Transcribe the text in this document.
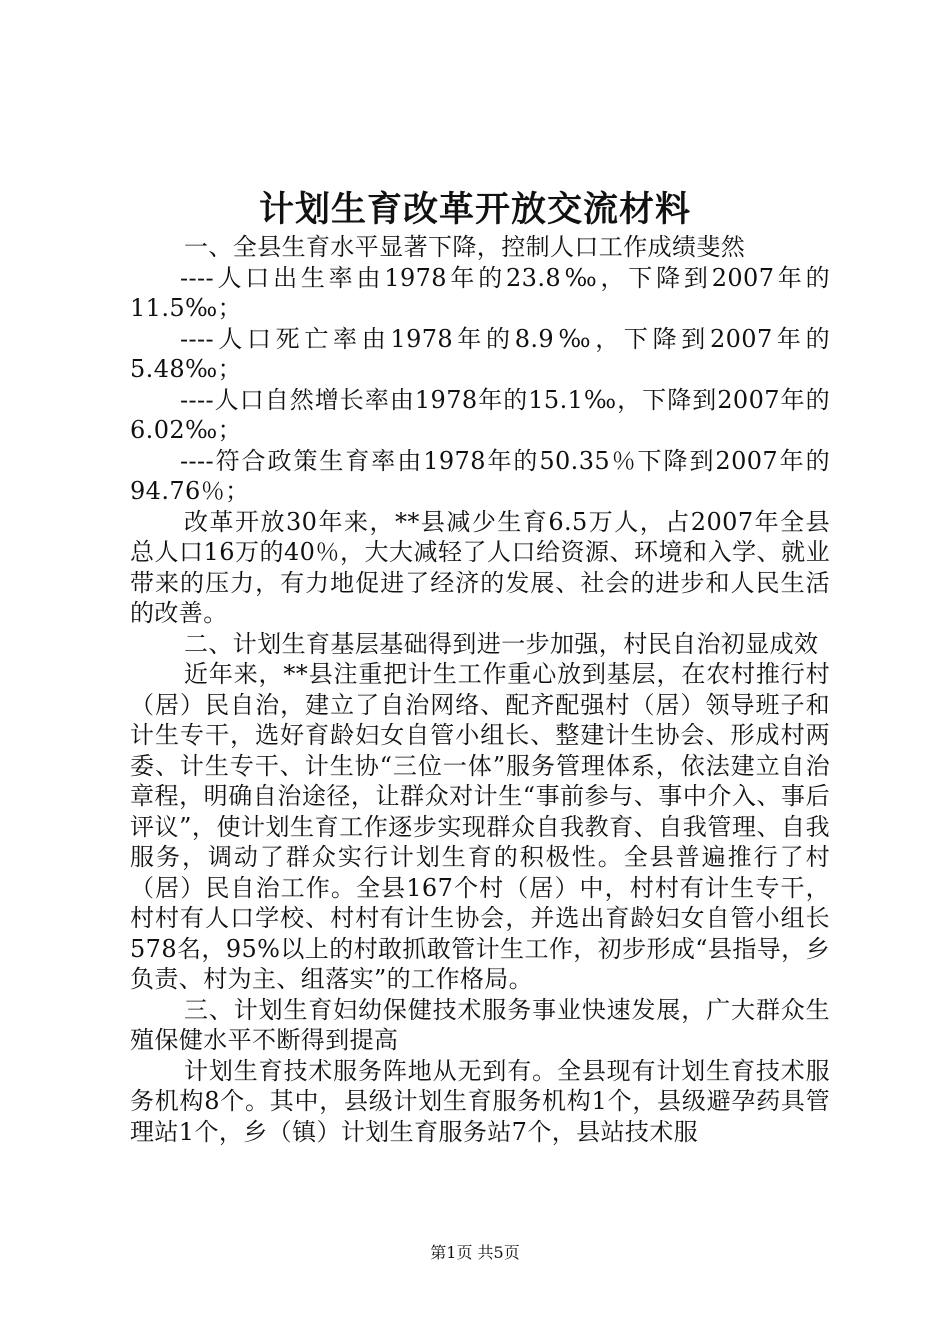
计划生育改革开放交流材料

一、全县生育水平显著下降，控制人口工作成绩斐然

----人口出生率由1978年的23.8‰，下降到2007年的11.5‰；

----人口死亡率由1978年的8.9‰，下降到2007年的5.48‰；

----人口自然增长率由1978年的15.1‰，下降到2007年的6.02‰；

----符合政策生育率由1978年的50.35％下降到2007年的94.76％；

改革开放30年来，**县减少生育6.5万人，占2007年全县总人口16万的40％，大大减轻了人口给资源、环境和入学、就业带来的压力，有力地促进了经济的发展、社会的进步和人民生活的改善。

二、计划生育基层基础得到进一步加强，村民自治初显成效

近年来，**县注重把计生工作重心放到基层，在农村推行村（居）民自治，建立了自治网络、配齐配强村（居）领导班子和计生专干，选好育龄妇女自管小组长、整建计生协会、形成村两委、计生专干、计生协“三位一体”服务管理体系，依法建立自治章程，明确自治途径，让群众对计生“事前参与、事中介入、事后评议”，使计划生育工作逐步实现群众自我教育、自我管理、自我服务，调动了群众实行计划生育的积极性。全县普遍推行了村（居）民自治工作。全县167个村（居）中，村村有计生专干，村村有人口学校、村村有计生协会，并选出育龄妇女自管小组长578名，95%以上的村敢抓敢管计生工作，初步形成“县指导，乡负责、村为主、组落实”的工作格局。

三、计划生育妇幼保健技术服务事业快速发展，广大群众生殖保健水平不断得到提高

计划生育技术服务阵地从无到有。全县现有计划生育技术服务机构8个。其中，县级计划生育服务机构1个，县级避孕药具管理站1个，乡（镇）计划生育服务站7个，县站技术服

第1页 共5页
